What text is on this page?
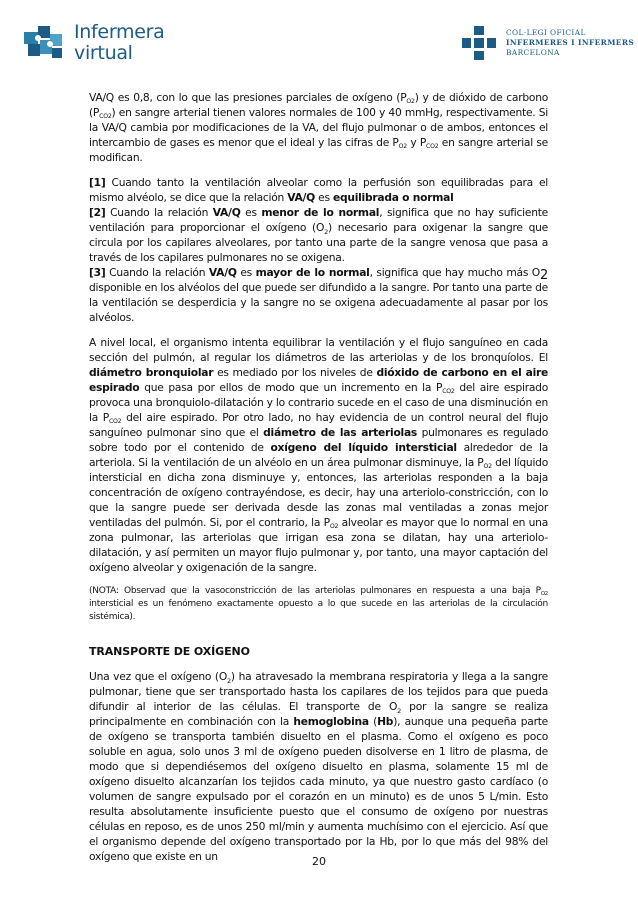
Infermera
virtual
COL·LEGI OFICIAL
INFERMERES I INFERMERS
BARCELONA

VA/Q es 0,8, con lo que las presiones parciales de oxígeno $(P_{O2})$ y de dióxido de carbono $(P_{CO2})$ en sangre arterial tienen valores normales de 100 y 40 mmHg, respectivamente. Si la VA/Q cambia por modificaciones de la VA, del flujo pulmonar o de ambos, entonces el intercambio de gases es menor que el ideal y las cifras de $P_{O2}$ y $P_{CO2}$ en sangre arterial se modifican.

[1] Cuando tanto la ventilación alveolar como la perfusión son equilibradas para el mismo alvéolo, se dice que la relación VA/Q es equilibrada o normal

[2] Cuando la relación VA/Q es menor de lo normal, significa que no hay suficiente ventilación para proporcionar el oxígeno $(O_2)$ necesario para oxigenar la sangre que circula por los capilares alveolares, por tanto una parte de la sangre venosa que pasa a través de los capilares pulmonares no se oxigena.

[3] Cuando la relación VA/Q es mayor de lo normal, significa que hay mucho más O2 disponible en los alvéolos del que puede ser difundido a la sangre. Por tanto una parte de la ventilación se desperdicia y la sangre no se oxigena adecuadamente al pasar por los alvéolos.

A nivel local, el organismo intenta equilibrar la ventilación y el flujo sanguíneo en cada sección del pulmón, al regular los diámetros de las arteriolas y de los bronquíolos. El diámetro bronquiolar es mediado por los niveles de dióxido de carbono en el aire espirado que pasa por ellos de modo que un incremento en la $P_{CO2}$ del aire espirado provoca una bronquiolo-dilatación y lo contrario sucede en el caso de una disminución en la $P_{CO2}$ del aire espirado. Por otro lado, no hay evidencia de un control neural del flujo sanguíneo pulmonar sino que el diámetro de las arteriolas pulmonares es regulado sobre todo por el contenido de oxígeno del líquido intersticial alrededor de la arteriola. Si la ventilación de un alvéolo en un área pulmonar disminuye, la $P_{O2}$ del líquido intersticial en dicha zona disminuye y, entonces, las arteriolas responden a la baja concentración de oxígeno contrayéndose, es decir, hay una arteriolo-constricción, con lo que la sangre puede ser derivada desde las zonas mal ventiladas a zonas mejor ventiladas del pulmón. Si, por el contrario, la $P_{O2}$ alveolar es mayor que lo normal en una zona pulmonar, las arteriolas que irrigan esa zona se dilatan, hay una arteriolo-dilatación, y así permiten un mayor flujo pulmonar y, por tanto, una mayor captación del oxígeno alveolar y oxigenación de la sangre.

(NOTA: Observad que la vasoconstricción de las arteriolas pulmonares en respuesta a una baja $P_{O2}$ intersticial es un fenómeno exactamente opuesto a lo que sucede en las arteriolas de la circulación sistémica).

TRANSPORTE DE OXÍGENO

Una vez que el oxígeno $(O_2)$ ha atravesado la membrana respiratoria y llega a la sangre pulmonar, tiene que ser transportado hasta los capilares de los tejidos para que pueda difundir al interior de las células. El transporte de $O_2$ por la sangre se realiza principalmente en combinación con la hemoglobina (Hb), aunque una pequeña parte de oxígeno se transporta también disuelto en el plasma. Como el oxígeno es poco soluble en agua, solo unos 3 ml de oxígeno pueden disolverse en 1 litro de plasma, de modo que si dependiésemos del oxígeno disuelto en plasma, solamente 15 ml de oxígeno disuelto alcanzarían los tejidos cada minuto, ya que nuestro gasto cardíaco (o volumen de sangre expulsado por el corazón en un minuto) es de unos 5 L/min. Esto resulta absolutamente insuficiente puesto que el consumo de oxígeno por nuestras células en reposo, es de unos 250 ml/min y aumenta muchísimo con el ejercicio. Así que el organismo depende del oxígeno transportado por la Hb, por lo que más del 98% del oxígeno que existe en un	20
